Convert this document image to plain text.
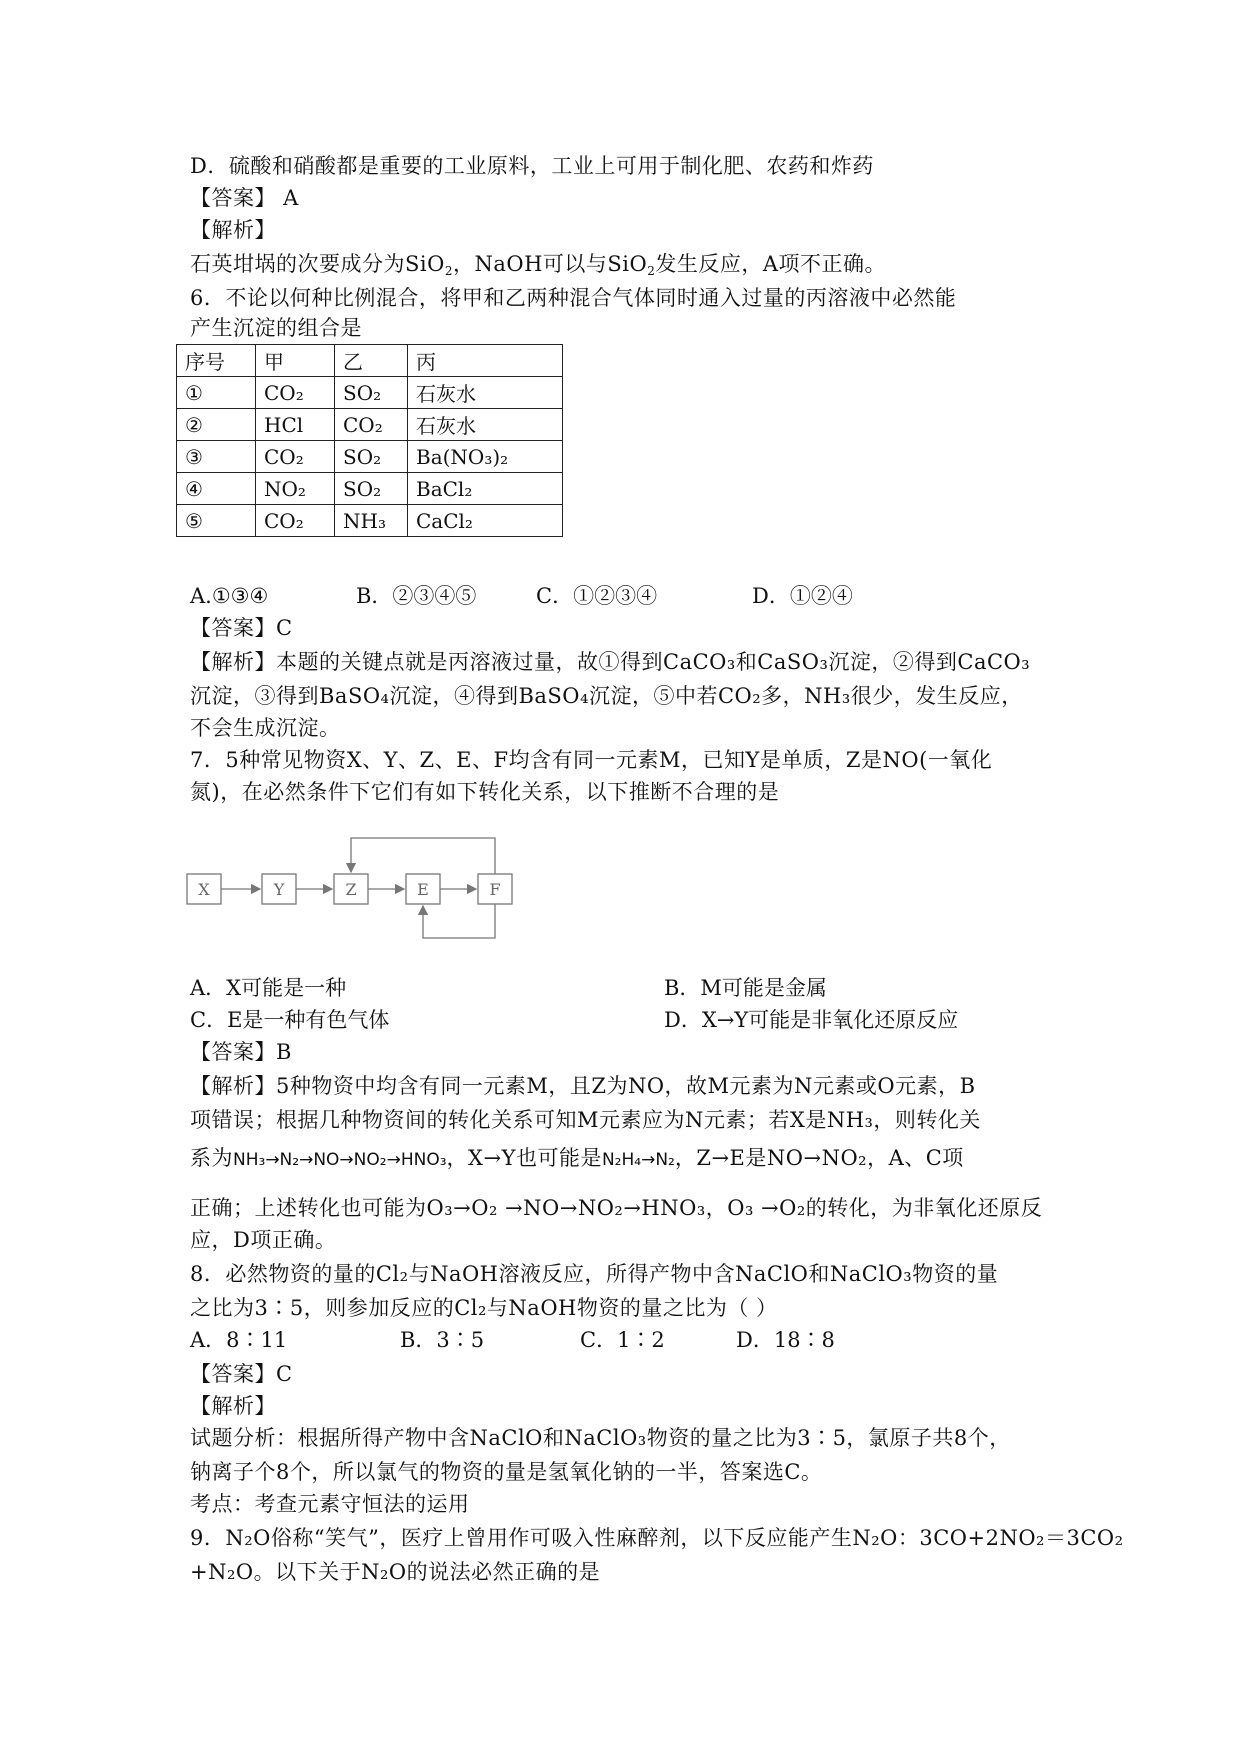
D．硫酸和硝酸都是重要的工业原料，工业上可用于制化肥、农药和炸药
【答案】 A
【解析】
石英坩埚的次要成分为SiO$_2$，NaOH可以与SiO$_2$发生反应，A项不正确。
6．不论以何种比例混合，将甲和乙两种混合气体同时通入过量的丙溶液中必然能
产生沉淀的组合是
序号	甲	乙	丙
①	CO₂	SO₂	石灰水
②	HCl	CO₂	石灰水
③	CO₂	SO₂	Ba(NO₃)₂
④	NO₂	SO₂	BaCl₂
⑤	CO₂	NH₃	CaCl₂
A.①③④	B．②③④⑤	C．①②③④	D．①②④
【答案】C
【解析】本题的关键点就是丙溶液过量，故①得到CaCO₃和CaSO₃沉淀，②得到CaCO₃
沉淀，③得到BaSO₄沉淀，④得到BaSO₄沉淀，⑤中若CO₂多，NH₃很少，发生反应，
不会生成沉淀。
7．5种常见物资X、Y、Z、E、F均含有同一元素M，已知Y是单质，Z是NO(一氧化
氮)，在必然条件下它们有如下转化关系，以下推断不合理的是
X	Y	Z	E	F
A．X可能是一种	B．M可能是金属
C．E是一种有色气体	D．X→Y可能是非氧化还原反应
【答案】B
【解析】5种物资中均含有同一元素M，且Z为NO，故M元素为N元素或O元素，B
项错误；根据几种物资间的转化关系可知M元素应为N元素；若X是NH₃，则转化关
系为NH₃→N₂→NO→NO₂→HNO₃，X→Y也可能是N₂H₄→N₂，Z→E是NO→NO₂，A、C项
正确；上述转化也可能为O₃→O₂ →NO→NO₂→HNO₃，O₃ →O₂的转化，为非氧化还原反
应，D项正确。
8．必然物资的量的Cl₂与NaOH溶液反应，所得产物中含NaClO和NaClO₃物资的量
之比为3∶5，则参加反应的Cl₂与NaOH物资的量之比为（ ）
A．8∶11	B．3∶5	C．1∶2	D．18∶8
【答案】C
【解析】
试题分析：根据所得产物中含NaClO和NaClO₃物资的量之比为3∶5，氯原子共8个，
钠离子个8个，所以氯气的物资的量是氢氧化钠的一半，答案选C。
考点：考查元素守恒法的运用
9．N₂O俗称“笑气”，医疗上曾用作可吸入性麻醉剂，以下反应能产生N₂O：3CO+2NO₂＝3CO₂
+N₂O。以下关于N₂O的说法必然正确的是
